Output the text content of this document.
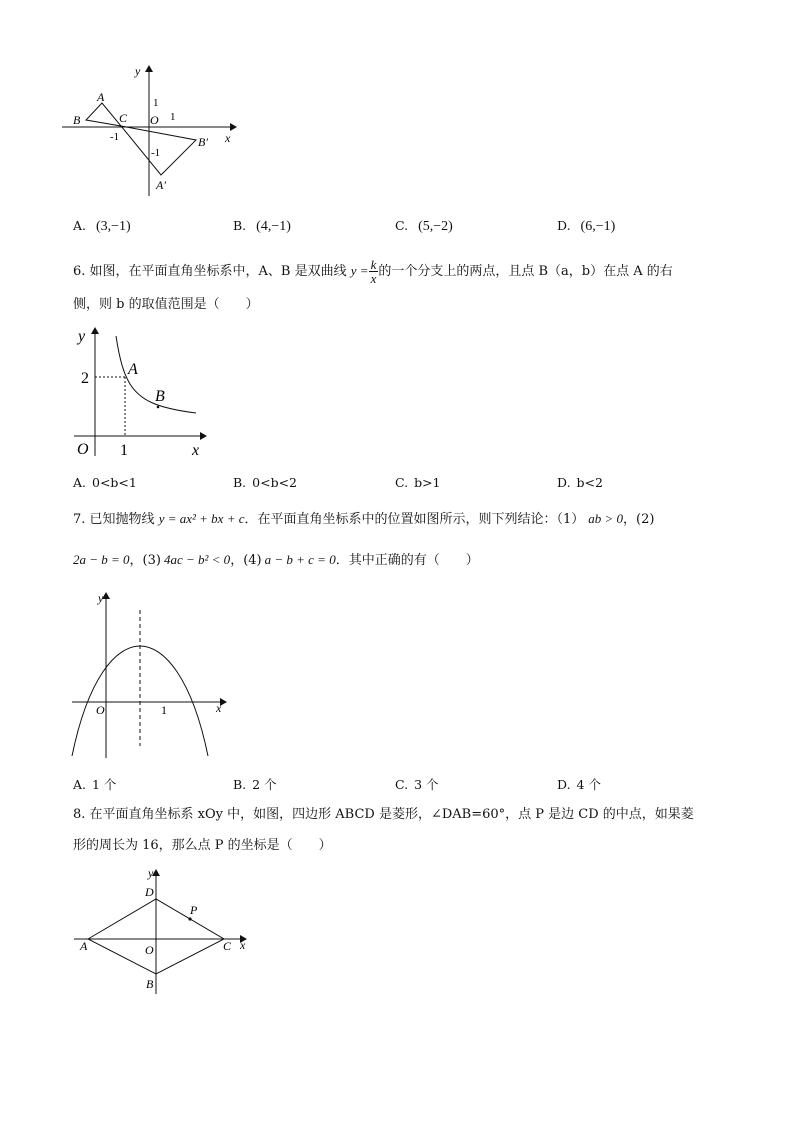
y
x
1
1
O
-1
-1
A
B	C
A′
B′
A. (3,−1)	B. (4,−1)	C. (5,−2)	D. (6,−1)
6. 如图，在平面直角坐标系中，A、B 是双曲线 $y = \frac{k}{x}$ 的一个分支上的两点，且点 B（a，b）在点 A 的右
侧，则 b 的取值范围是（　　）
y
x
O
2
1
A
B
A. 0<b<1	B. 0<b<2	C. b>1	D. b<2
7. 已知抛物线 y = ax² + bx + c．在平面直角坐标系中的位置如图所示，则下列结论：（1） ab > 0，(2)
2a − b = 0，(3) 4ac − b² < 0，(4) a − b + c = 0．其中正确的有（　　）
y
x
O	1
A. 1 个	B. 2 个	C. 3 个	D. 4 个
8. 在平面直角坐标系 xOy 中，如图，四边形 ABCD 是菱形，∠DAB=60°，点 P 是边 CD 的中点，如果菱
形的周长为 16，那么点 P 的坐标是（　　）
y
x
O
A
B
C
D
P
